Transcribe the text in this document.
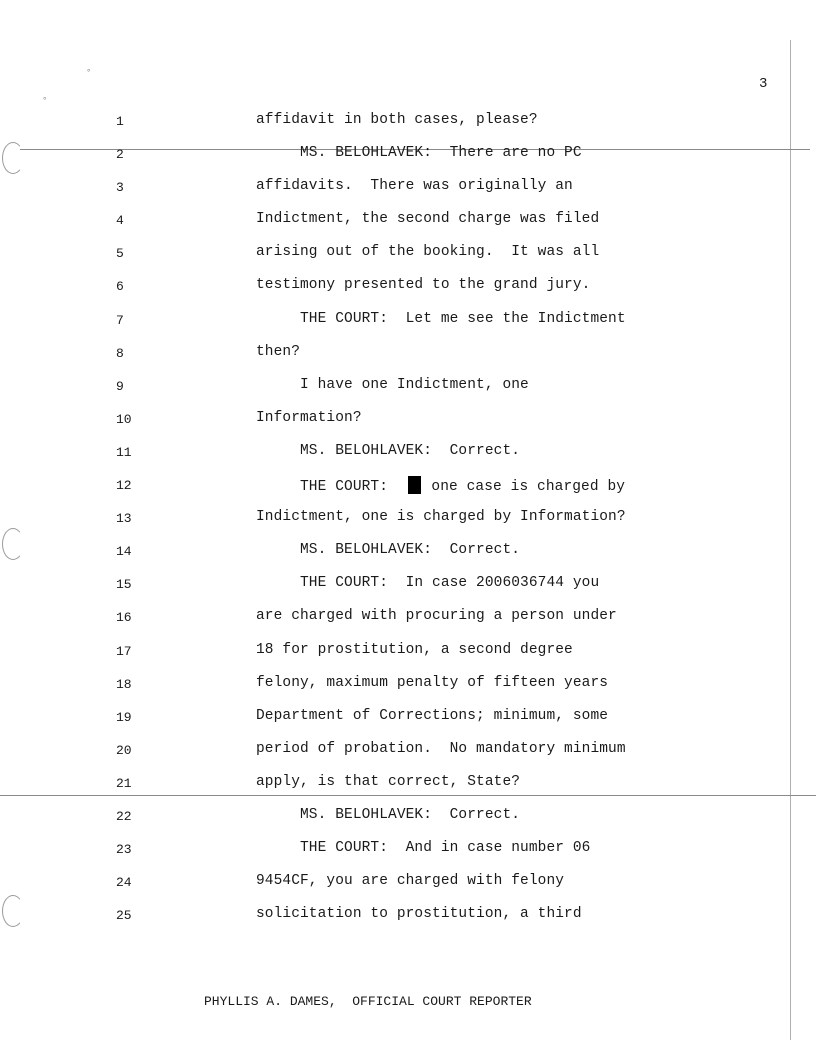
°
°
3
1	affidavit in both cases, please?
2	MS. BELOHLAVEK:  There are no PC
3	affidavits.  There was originally an
4	Indictment, the second charge was filed
5	arising out of the booking.  It was all
6	testimony presented to the grand jury.
7	THE COURT:  Let me see the Indictment
8	then?
9	I have one Indictment, one
10	Information?
11	MS. BELOHLAVEK:  Correct.
12	THE COURT:   one case is charged by
13	Indictment, one is charged by Information?
14	MS. BELOHLAVEK:  Correct.
15	THE COURT:  In case 2006036744 you
16	are charged with procuring a person under
17	18 for prostitution, a second degree
18	felony, maximum penalty of fifteen years
19	Department of Corrections; minimum, some
20	period of probation.  No mandatory minimum
21	apply, is that correct, State?
22	MS. BELOHLAVEK:  Correct.
23	THE COURT:  And in case number 06
24	9454CF, you are charged with felony
25	solicitation to prostitution, a third
PHYLLIS A. DAMES,  OFFICIAL COURT REPORTER
